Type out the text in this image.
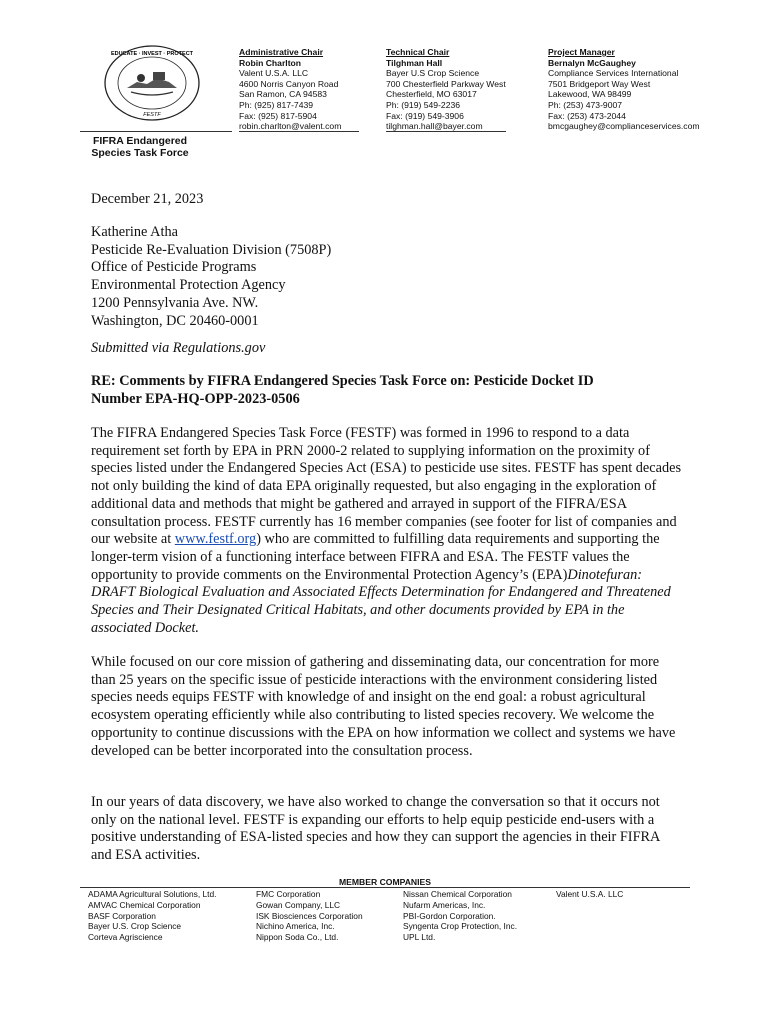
EDUCATE · INVEST · PROTECT
FESTF
FIFRA Endangered
Species Task Force
Administrative Chair
Robin Charlton
Valent U.S.A. LLC
4600 Norris Canyon Road
San Ramon, CA 94583
Ph: (925) 817-7439
Fax: (925) 817-5904
robin.charlton@valent.com
Technical Chair
Tilghman Hall
Bayer U.S Crop Science
700 Chesterfield Parkway West
Chesterfield, MO 63017
Ph: (919) 549-2236
Fax: (919) 549-3906
tilghman.hall@bayer.com
Project Manager
Bernalyn McGaughey
Compliance Services International
7501 Bridgeport Way West
Lakewood, WA 98499
Ph: (253) 473-9007
Fax: (253) 473-2044
bmcgaughey@complianceservices.com
December 21, 2023
Katherine Atha
Pesticide Re-Evaluation Division (7508P)
Office of Pesticide Programs
Environmental Protection Agency
1200 Pennsylvania Ave. NW.
Washington, DC 20460-0001
Submitted via Regulations.gov
RE: Comments by FIFRA Endangered Species Task Force on: Pesticide Docket ID
Number EPA-HQ-OPP-2023-0506
The FIFRA Endangered Species Task Force (FESTF) was formed in 1996 to respond to a data requirement set forth by EPA in PRN 2000-2 related to supplying information on the proximity of species listed under the Endangered Species Act (ESA) to pesticide use sites. FESTF has spent decades not only building the kind of data EPA originally requested, but also engaging in the exploration of additional data and methods that might be gathered and arrayed in support of the FIFRA/ESA consultation process. FESTF currently has 16 member companies (see footer for list of companies and our website at www.festf.org) who are committed to fulfilling data requirements and supporting the longer-term vision of a functioning interface between FIFRA and ESA. The FESTF values the opportunity to provide comments on the Environmental Protection Agency’s (EPA)Dinotefuran: DRAFT Biological Evaluation and Associated Effects Determination for Endangered and Threatened Species and Their Designated Critical Habitats, and other documents provided by EPA in the associated Docket.
While focused on our core mission of gathering and disseminating data, our concentration for more than 25 years on the specific issue of pesticide interactions with the environment considering listed species needs equips FESTF with knowledge of and insight on the end goal: a robust agricultural ecosystem operating efficiently while also contributing to listed species recovery. We welcome the opportunity to continue discussions with the EPA on how information we collect and systems we have developed can be better incorporated into the consultation process.
In our years of data discovery, we have also worked to change the conversation so that it occurs not only on the national level. FESTF is expanding our efforts to help equip pesticide end-users with a positive understanding of ESA-listed species and how they can support the agencies in their FIFRA and ESA activities.
MEMBER COMPANIES
ADAMA Agricultural Solutions, Ltd.
AMVAC Chemical Corporation
BASF Corporation
Bayer U.S. Crop Science
Corteva Agriscience
FMC Corporation
Gowan Company, LLC
ISK Biosciences Corporation
Nichino America, Inc.
Nippon Soda Co., Ltd.
Nissan Chemical Corporation
Nufarm Americas, Inc.
PBI-Gordon Corporation.
Syngenta Crop Protection, Inc.
UPL Ltd.
Valent U.S.A. LLC
